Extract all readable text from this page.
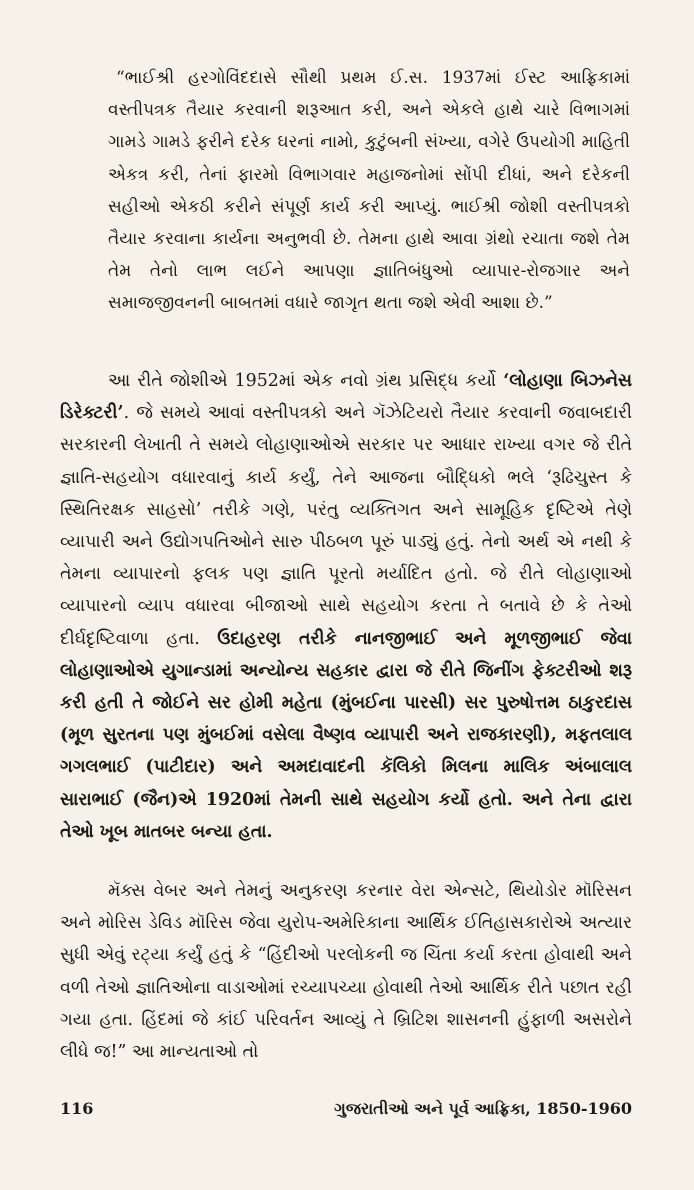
“ભાઈશ્રી હરગોવિંદદાસે સૌથી પ્રથમ ઈ.સ. 1937માં ઈસ્ટ આફ્રિકામાં વસ્તીપત્રક તૈયાર કરવાની શરૂઆત કરી, અને એકલે હાથે ચારે વિભાગમાં ગામડે ગામડે ફરીને દરેક ઘરનાં નામો, કુટુંબની સંખ્યા, વગેરે ઉપયોગી માહિતી એકત્ર કરી, તેનાં ફારમો વિભાગવાર મહાજનોમાં સોંપી દીધાં, અને દરેકની સહીઓ એકઠી કરીને સંપૂર્ણ કાર્ય કરી આપ્યું. ભાઈશ્રી જોશી વસ્તીપત્રકો તૈયાર કરવાના કાર્યના અનુભવી છે. તેમના હાથે આવા ગ્રંથો રચાતા જશે તેમ તેમ તેનો લાભ લઈને આપણા જ્ઞાતિબંધુઓ વ્યાપાર-રોજગાર અને સમાજજીવનની બાબતમાં વધારે જાગૃત થતા જશે એવી આશા છે.”

આ રીતે જોશીએ 1952માં એક નવો ગ્રંથ પ્રસિદ્ધ કર્યો ‘લોહાણા બિઝનેસ ડિરેક્ટરી’. જે સમયે આવાં વસ્તીપત્રકો અને ગૅઝેટિયરો તૈયાર કરવાની જવાબદારી સરકારની લેખાતી તે સમયે લોહાણાઓએ સરકાર પર આધાર રાખ્યા વગર જે રીતે જ્ઞાતિ-સહયોગ વધારવાનું કાર્ય કર્યું, તેને આજના બૌદ્ધિકો ભલે ‘રૂઢિચુસ્ત કે સ્થિતિરક્ષક સાહસો’ તરીકે ગણે, પરંતુ વ્યક્તિગત અને સામૂહિક દૃષ્ટિએ તેણે વ્યાપારી અને ઉદ્યોગપતિઓને સારુ પીઠબળ પૂરું પાડ્યું હતું. તેનો અર્થ એ નથી કે તેમના વ્યાપારનો ફલક પણ જ્ઞાતિ પૂરતો મર્યાદિત હતો. જે રીતે લોહાણાઓ વ્યાપારનો વ્યાપ વધારવા બીજાઓ સાથે સહયોગ કરતા તે બતાવે છે કે તેઓ દીર્ઘદૃષ્ટિવાળા હતા. ઉદાહરણ તરીકે નાનજીભાઈ અને મૂળજીભાઈ જેવા લોહાણાઓએ યુગાન્ડામાં અન્યોન્ય સહકાર દ્વારા જે રીતે જિનીંગ ફેક્ટરીઓ શરૂ કરી હતી તે જોઈને સર હોમી મહેતા (મુંબઈના પારસી) સર પુરુષોત્તમ ઠાકુરદાસ (મૂળ સુરતના પણ મુંબઈમાં વસેલા વૈષ્ણવ વ્યાપારી અને રાજકારણી), મફતલાલ ગગલભાઈ (પાટીદાર) અને અમદાવાદની કૅલિકો મિલના માલિક અંબાલાલ સારાભાઈ (જૈન)એ 1920માં તેમની સાથે સહયોગ કર્યો હતો. અને તેના દ્વારા તેઓ ખૂબ માતબર બન્યા હતા.

મૅક્સ વેબર અને તેમનું અનુકરણ કરનાર વેરા એન્સટે, થિયોડોર મૉરિસન અને મોરિસ ડેવિડ મૉરિસ જેવા યુરોપ-અમેરિકાના આર્થિક ઈતિહાસકારોએ અત્યાર સુધી એવું રટ્યા કર્યું હતું કે “હિંદીઓ પરલોકની જ ચિંતા કર્યા કરતા હોવાથી અને વળી તેઓ જ્ઞાતિઓના વાડાઓમાં રચ્યાપચ્યા હોવાથી તેઓ આર્થિક રીતે પછાત રહી ગયા હતા. હિંદમાં જે કાંઈ પરિવર્તન આવ્યું તે બ્રિટિશ શાસનની હુંફાળી અસરોને લીધે જ!” આ માન્યતાઓ તો

116	ગુજરાતીઓ અને પૂર્વ આફ્રિકા, 1850-1960
